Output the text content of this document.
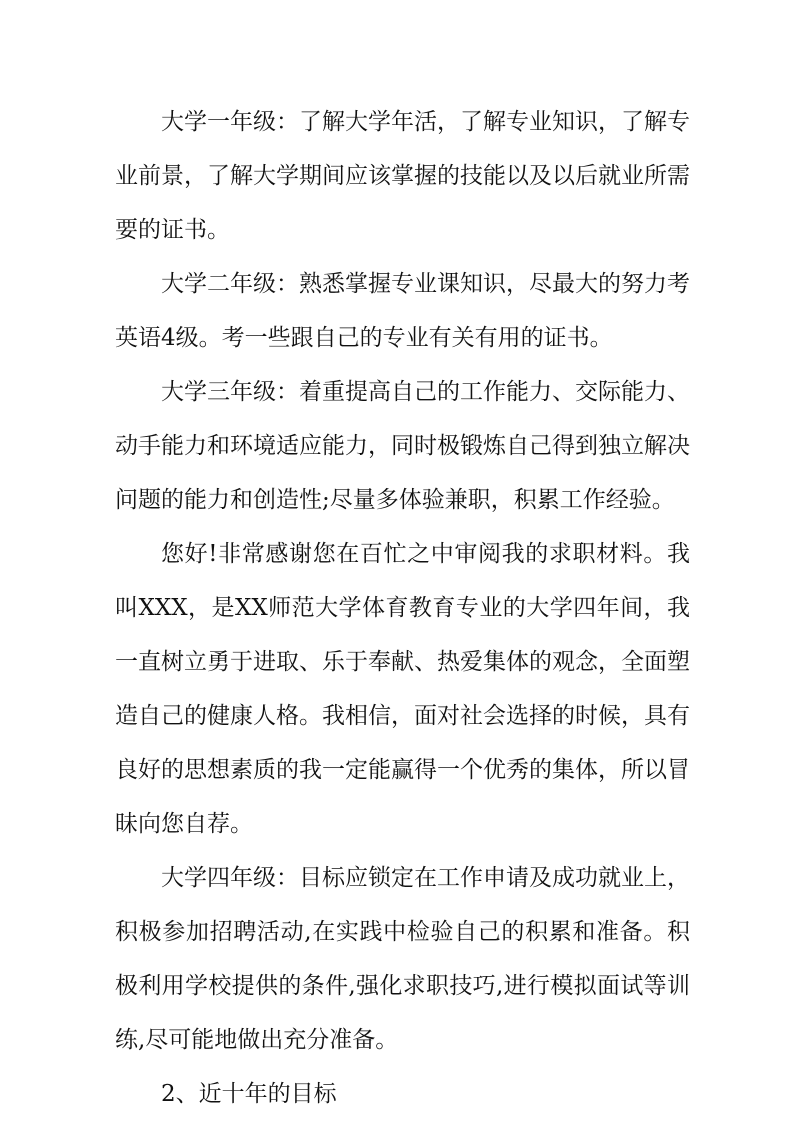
大学一年级：了解大学年活，了解专业知识，了解专业前景，了解大学期间应该掌握的技能以及以后就业所需要的证书。

大学二年级：熟悉掌握专业课知识，尽最大的努力考英语4级。考一些跟自己的专业有关有用的证书。

大学三年级：着重提高自己的工作能力、交际能力、动手能力和环境适应能力，同时极锻炼自己得到独立解决问题的能力和创造性;尽量多体验兼职，积累工作经验。

您好!非常感谢您在百忙之中审阅我的求职材料。我叫XXX，是XX师范大学体育教育专业的大学四年间，我一直树立勇于进取、乐于奉献、热爱集体的观念，全面塑造自己的健康人格。我相信，面对社会选择的时候，具有良好的思想素质的我一定能赢得一个优秀的集体，所以冒昧向您自荐。

大学四年级：目标应锁定在工作申请及成功就业上，积极参加招聘活动,在实践中检验自己的积累和准备。积极利用学校提供的条件,强化求职技巧,进行模拟面试等训练,尽可能地做出充分准备。

2、近十年的目标
